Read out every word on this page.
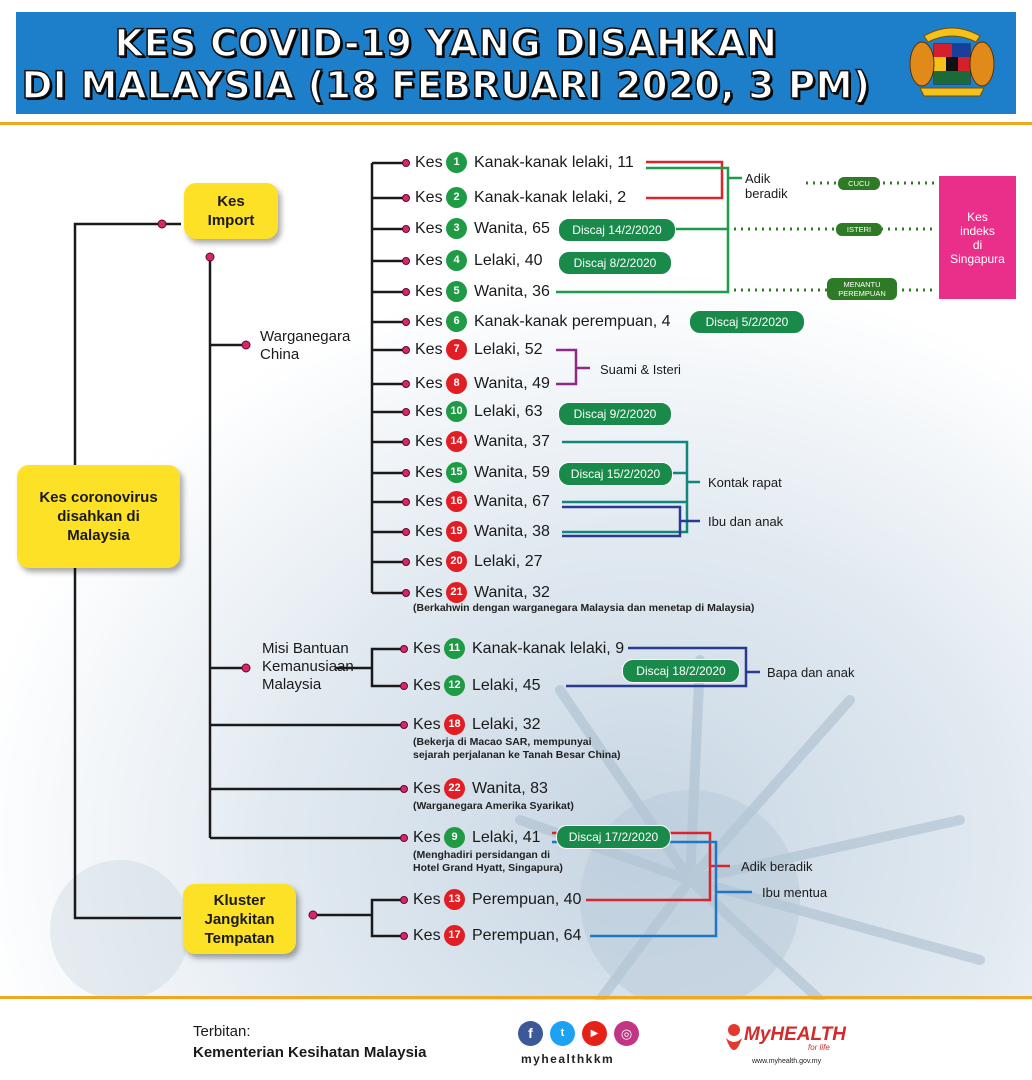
KES COVID-19 YANG DISAHKAN
DI MALAYSIA (18 FEBRUARI 2020, 3 PM)
Kes coronovirus
disahkan di
Malaysia
Kes
Import
Kluster
Jangkitan
Tempatan
Warganegara
China
Misi Bantuan
Kemanusiaan
Malaysia
Kes 1 Kanak-kanak lelaki, 11
Kes 2 Kanak-kanak lelaki, 2
Kes 3 Wanita, 65
Kes 4 Lelaki, 40
Kes 5 Wanita, 36
Kes 6 Kanak-kanak perempuan, 4
Kes 7 Lelaki, 52
Kes 8 Wanita, 49
Kes 10 Lelaki, 63
Kes 14 Wanita, 37
Kes 15 Wanita, 59
Kes 16 Wanita, 67
Kes 19 Wanita, 38
Kes 20 Lelaki, 27
Kes 21 Wanita, 32
Kes 11 Kanak-kanak lelaki, 9
Kes 12 Lelaki, 45
Kes 18 Lelaki, 32
Kes 22 Wanita, 83
Kes 9 Lelaki, 41
Kes 13 Perempuan, 40
Kes 17 Perempuan, 64
(Berkahwin dengan warganegara Malaysia dan menetap di Malaysia)
(Bekerja di Macao SAR, mempunyai
sejarah perjalanan ke Tanah Besar China)
(Warganegara Amerika Syarikat)
(Menghadiri persidangan di
Hotel Grand Hyatt, Singapura)
Discaj 14/2/2020
Discaj 8/2/2020
Discaj 5/2/2020
Discaj 9/2/2020
Discaj 15/2/2020
Discaj 18/2/2020
Discaj 17/2/2020
Adik
beradik
Suami & Isteri
Kontak rapat
Ibu dan anak
Bapa dan anak
Adik beradik
Ibu mentua
CUCU
ISTERI
MENANTU
PEREMPUAN
Kes
indeks
di
Singapura
Terbitan:
Kementerian Kesihatan Malaysia
f	t	▶	◎
myhealthkkm
MyHEALTH
for life
www.myhealth.gov.my
